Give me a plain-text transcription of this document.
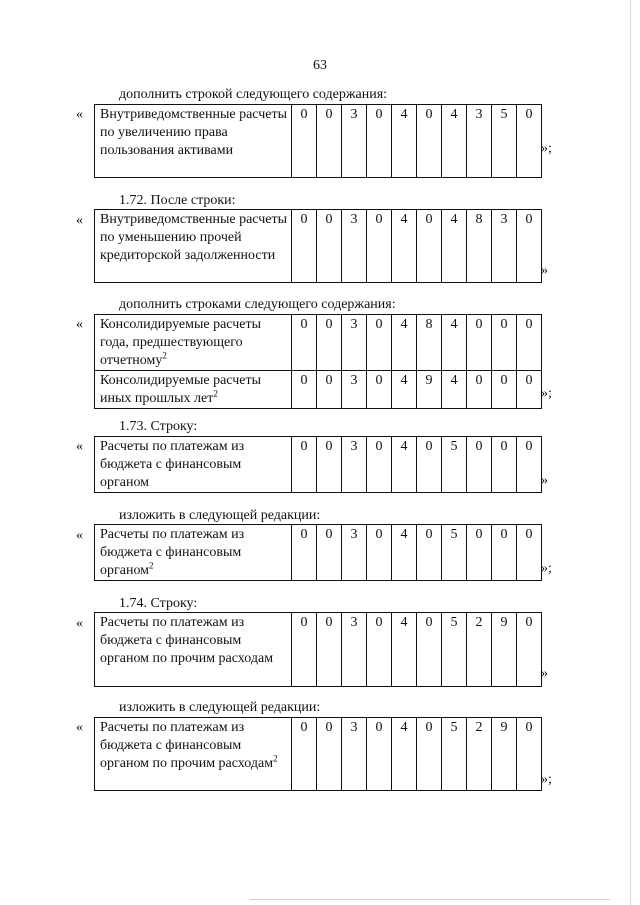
63
дополнить строкой следующего содержания:
« Внутриведомственные расчеты по увеличению права пользования активами	0	0	3	0	4	0	4	3	5	0
»;
1.72. После строки:
« Внутриведомственные расчеты по уменьшению прочей кредиторской задолженности	0	0	3	0	4	0	4	8	3	0
»
дополнить строками следующего содержания:
« Консолидируемые расчеты года, предшествующего отчетному$^2$	0	0	3	0	4	8	4	0	0	0
Консолидируемые расчеты иных прошлых лет$^2$	0	0	3	0	4	9	4	0	0	0
»;
1.73. Строку:
« Расчеты по платежам из бюджета с финансовым органом	0	0	3	0	4	0	5	0	0	0
»
изложить в следующей редакции:
« Расчеты по платежам из бюджета с финансовым органом$^2$	0	0	3	0	4	0	5	0	0	0
»;
1.74. Строку:
« Расчеты по платежам из бюджета с финансовым органом по прочим расходам	0	0	3	0	4	0	5	2	9	0
»
изложить в следующей редакции:
« Расчеты по платежам из бюджета с финансовым органом по прочим расходам$^2$	0	0	3	0	4	0	5	2	9	0
»;
